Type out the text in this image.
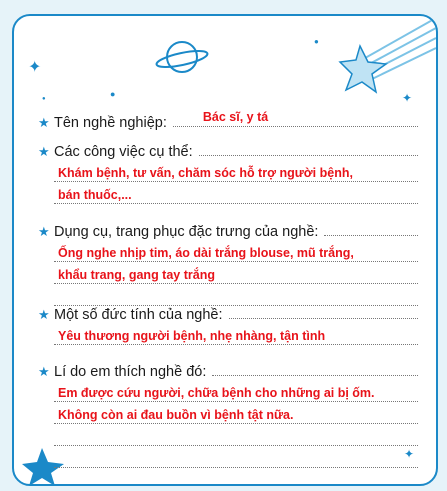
✦
✦
●
●
●
✦
★ Tên nghề nghiệp:	Bác sĩ, y tá
★ Các công việc cụ thể:
Khám bệnh, tư vấn, chăm sóc hỗ trợ người bệnh,
bán thuốc,...
★ Dụng cụ, trang phục đặc trưng của nghề:
Ống nghe nhịp tim, áo dài trắng blouse, mũ trắng,
khẩu trang, gang tay trắng
★ Một số đức tính của nghề:
Yêu thương người bệnh, nhẹ nhàng, tận tình
★ Lí do em thích nghề đó:
Em được cứu người, chữa bệnh cho những ai bị ốm.
Không còn ai đau buồn vì bệnh tật nữa.
